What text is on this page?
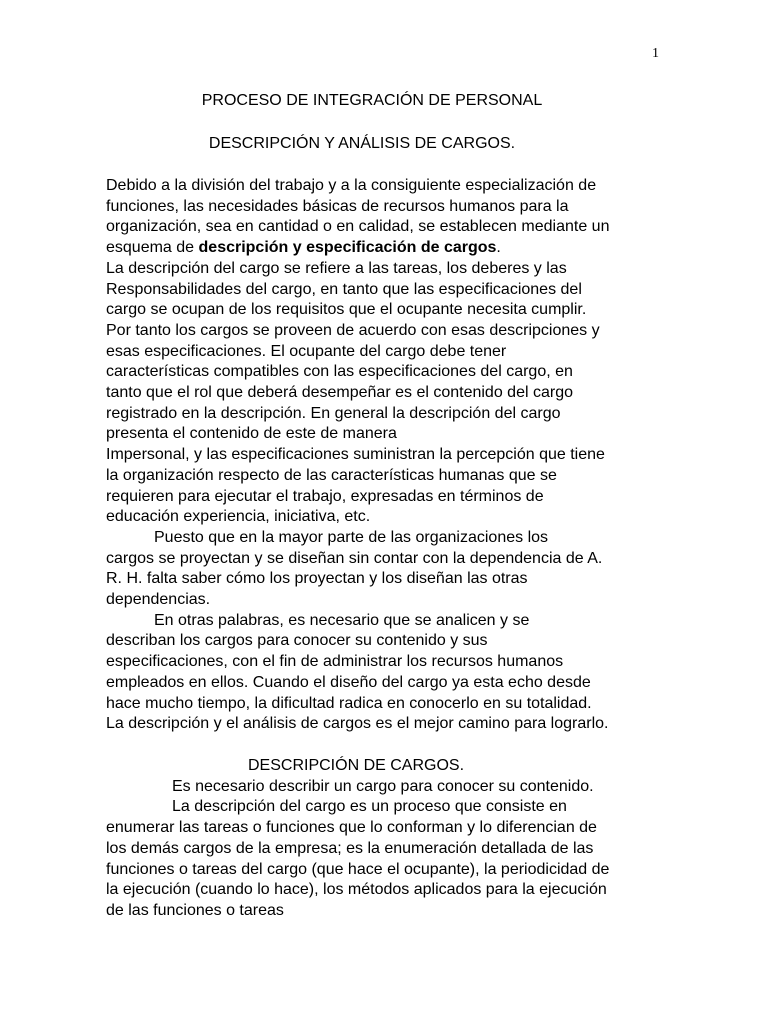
1
PROCESO DE INTEGRACIÓN DE PERSONAL
DESCRIPCIÓN Y ANÁLISIS DE CARGOS.

Debido a la división del trabajo y a la consiguiente especialización de

funciones, las necesidades básicas de recursos humanos para la

organización, sea en cantidad o en calidad, se establecen mediante un

esquema de descripción y especificación de cargos.

La descripción del cargo se refiere a las tareas, los deberes y las

Responsabilidades del cargo, en tanto que las especificaciones del

cargo se ocupan de los requisitos que el ocupante necesita cumplir.

Por tanto los cargos se proveen de acuerdo con esas descripciones y

esas especificaciones. El ocupante del cargo debe tener

características compatibles con las especificaciones del cargo, en

tanto que el rol que deberá desempeñar es el contenido del cargo

registrado en la descripción. En general la descripción del cargo

presenta el contenido de este de manera

Impersonal, y las especificaciones suministran la percepción que tiene

la organización respecto de las características humanas que se

requieren para ejecutar el trabajo, expresadas en términos de

educación experiencia, iniciativa, etc.

Puesto que en la mayor parte de las organizaciones los

cargos se proyectan y se diseñan sin contar con la dependencia de A.

R. H. falta saber cómo los proyectan y los diseñan las otras

dependencias.

En otras palabras, es necesario que se analicen y se

describan los cargos para conocer su contenido y sus

especificaciones, con el fin de administrar los recursos humanos

empleados en ellos. Cuando el diseño del cargo ya esta echo desde

hace mucho tiempo, la dificultad radica en conocerlo en su totalidad.

La descripción y el análisis de cargos es el mejor camino para lograrlo.

DESCRIPCIÓN DE CARGOS.

Es necesario describir un cargo para conocer su contenido.

La descripción del cargo es un proceso que consiste en

enumerar las tareas o funciones que lo conforman y lo diferencian de

los demás cargos de la empresa; es la enumeración detallada de las

funciones o tareas del cargo (que hace el ocupante), la periodicidad de

la ejecución (cuando lo hace), los métodos aplicados para la ejecución

de las funciones o tareas
